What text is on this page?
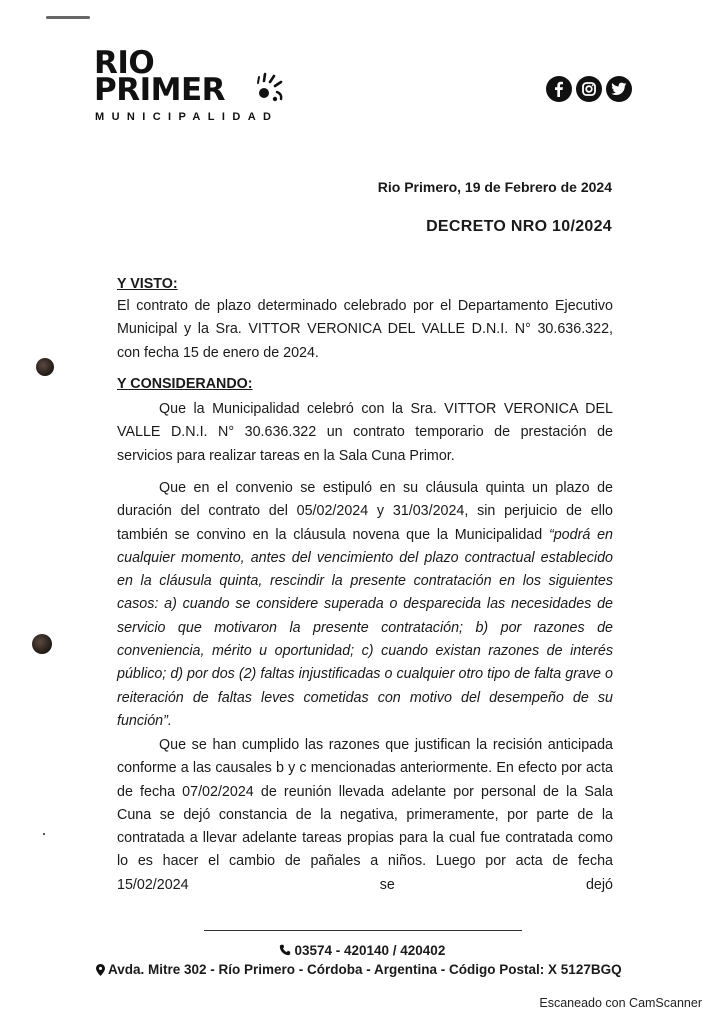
RIO
PRIMER
MUNICIPALIDAD
Rio Primero, 19 de Febrero de 2024
DECRETO NRO 10/2024
Y VISTO:
El contrato de plazo determinado celebrado por el Departamento Ejecutivo Municipal y la Sra. VITTOR VERONICA DEL VALLE D.N.I. N° 30.636.322, con fecha 15 de enero de 2024.
Y CONSIDERANDO:
Que la Municipalidad celebró con la Sra. VITTOR VERONICA DEL VALLE D.N.I. N° 30.636.322 un contrato temporario de prestación de servicios para realizar tareas en la Sala Cuna Primor.
Que en el convenio se estipuló en su cláusula quinta un plazo de duración del contrato del 05/02/2024 y 31/03/2024, sin perjuicio de ello también se convino en la cláusula novena que la Municipalidad “podrá en cualquier momento, antes del vencimiento del plazo contractual establecido en la cláusula quinta, rescindir la presente contratación en los siguientes casos: a) cuando se considere superada o desparecida las necesidades de servicio que motivaron la presente contratación; b) por razones de conveniencia, mérito u oportunidad; c) cuando existan razones de interés público; d) por dos (2) faltas injustificadas o cualquier otro tipo de falta grave o reiteración de faltas leves cometidas con motivo del desempeño de su función”.
Que se han cumplido las razones que justifican la recisión anticipada conforme a las causales b y c mencionadas anteriormente. En efecto por acta de fecha 07/02/2024 de reunión llevada adelante por personal de la Sala Cuna se dejó constancia de la negativa, primeramente, por parte de la contratada a llevar adelante tareas propias para la cual fue contratada como lo es hacer el cambio de pañales a niños. Luego por acta de fecha 15/02/2024 se dejó
03574 - 420140 / 420402
Avda. Mitre 302 - Río Primero - Córdoba - Argentina - Código Postal: X 5127BGQ
Escaneado con CamScanner
